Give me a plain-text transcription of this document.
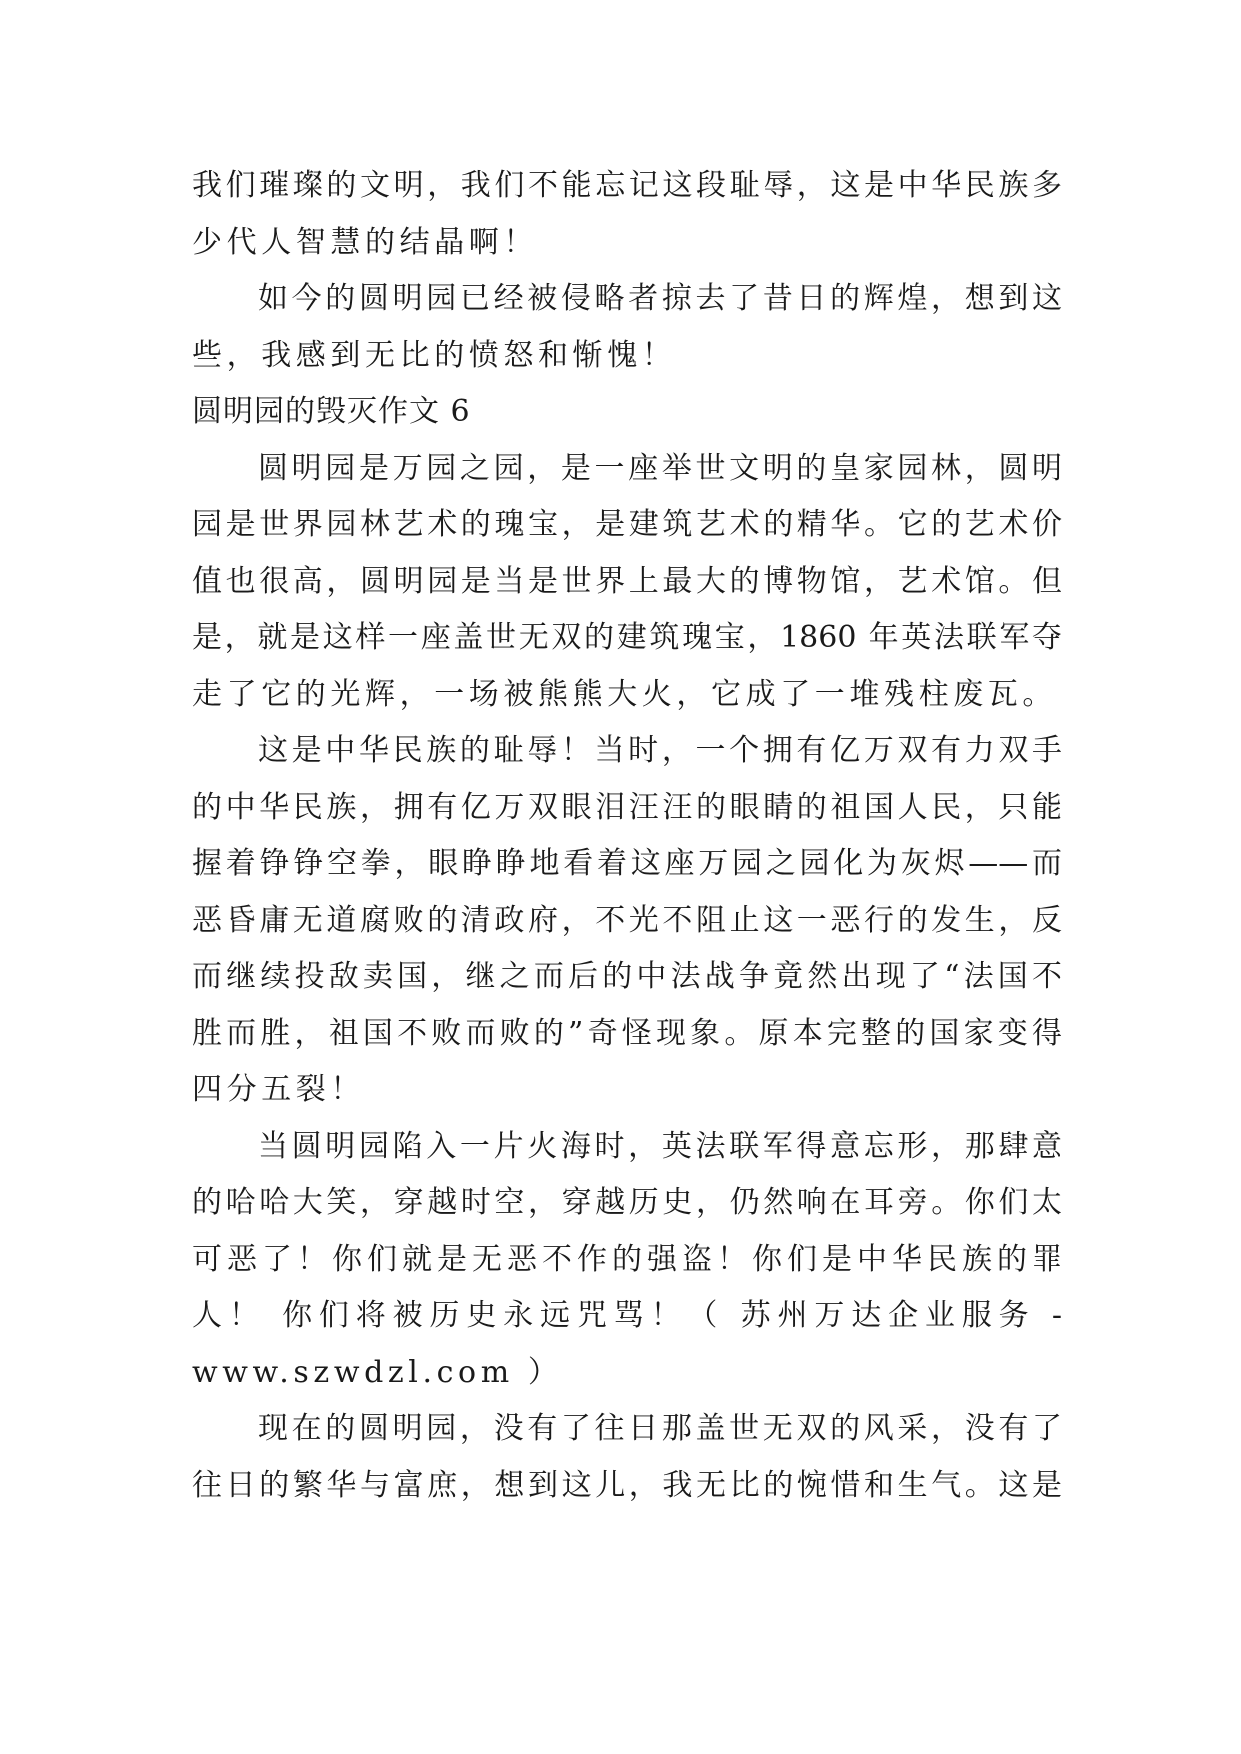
我们璀璨的文明，我们不能忘记这段耻辱，这是中华民族多
少代人智慧的结晶啊！
如今的圆明园已经被侵略者掠去了昔日的辉煌，想到这
些，我感到无比的愤怒和惭愧！
圆明园的毁灭作文 6
圆明园是万园之园，是一座举世文明的皇家园林，圆明
园是世界园林艺术的瑰宝，是建筑艺术的精华。它的艺术价
值也很高，圆明园是当是世界上最大的博物馆，艺术馆。但
是，就是这样一座盖世无双的建筑瑰宝，1860 年英法联军夺
走了它的光辉，一场被熊熊大火，它成了一堆残柱废瓦。
这是中华民族的耻辱！当时，一个拥有亿万双有力双手
的中华民族，拥有亿万双眼泪汪汪的眼睛的祖国人民，只能
握着铮铮空拳，眼睁睁地看着这座万园之园化为灰烬——而
恶昏庸无道腐败的清政府，不光不阻止这一恶行的发生，反
而继续投敌卖国，继之而后的中法战争竟然出现了“法国不
胜而胜，祖国不败而败的”奇怪现象。原本完整的国家变得
四分五裂！
当圆明园陷入一片火海时，英法联军得意忘形，那肆意
的哈哈大笑，穿越时空，穿越历史，仍然响在耳旁。你们太
可恶了！你们就是无恶不作的强盗！你们是中华民族的罪
人！ 你们将被历史永远咒骂！（ 苏州万达企业服务 -
www.szwdzl.com ）
现在的圆明园，没有了往日那盖世无双的风采，没有了
往日的繁华与富庶，想到这儿，我无比的惋惜和生气。这是
